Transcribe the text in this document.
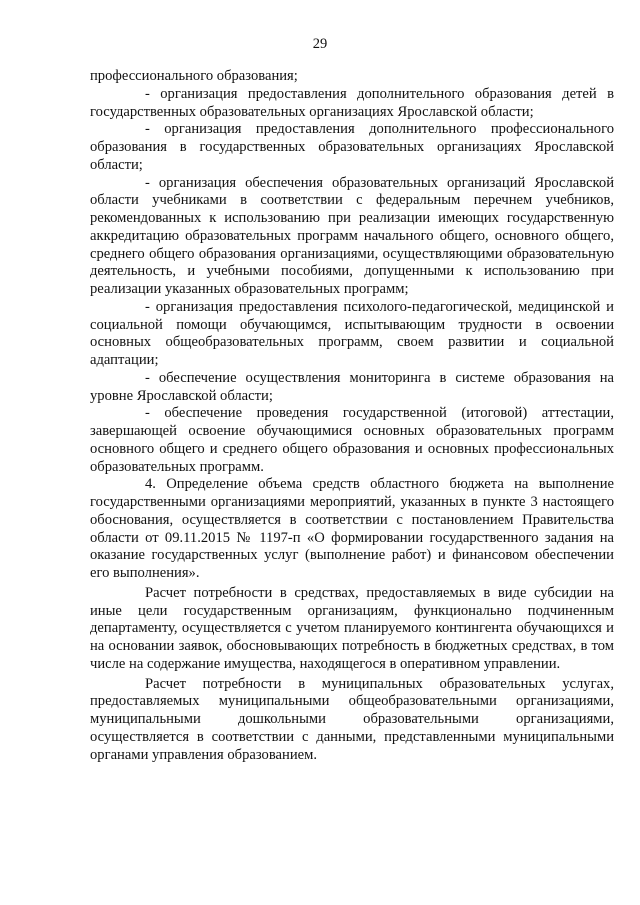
29

профессионального образования;

- организация предоставления дополнительного образования детей в государственных образовательных организациях Ярославской области;

- организация предоставления дополнительного профессионального образования в государственных образовательных организациях Ярославской области;

- организация обеспечения образовательных организаций Ярославской области учебниками в соответствии с федеральным перечнем учебников, рекомендованных к использованию при реализации имеющих государственную аккредитацию образовательных программ начального общего, основного общего, среднего общего образования организациями, осуществляющими образовательную деятельность, и учебными пособиями, допущенными к использованию при реализации указанных образовательных программ;

- организация предоставления психолого-педагогической, медицинской и социальной помощи обучающимся, испытывающим трудности в освоении основных общеобразовательных программ, своем развитии и социальной адаптации;

- обеспечение осуществления мониторинга в системе образования на уровне Ярославской области;

- обеспечение проведения государственной (итоговой) аттестации, завершающей освоение обучающимися основных образовательных программ основного общего и среднего общего образования и основных профессиональных образовательных программ.

4. Определение объема средств областного бюджета на выполнение государственными организациями мероприятий, указанных в пункте 3 настоящего обоснования, осуществляется в соответствии с постановлением Правительства области от 09.11.2015 № 1197-п «О формировании государственного задания на оказание государственных услуг (выполнение работ) и финансовом обеспечении его выполнения».

Расчет потребности в средствах, предоставляемых в виде субсидии на иные цели государственным организациям, функционально подчиненным департаменту, осуществляется с учетом планируемого контингента обучающихся и на основании заявок, обосновывающих потребность в бюджетных средствах, в том числе на содержание имущества, находящегося в оперативном управлении.

Расчет потребности в муниципальных образовательных услугах, предоставляемых муниципальными общеобразовательными организациями, муниципальными дошкольными образовательными организациями, осуществляется в соответствии с данными, представленными муниципальными органами управления образованием.
